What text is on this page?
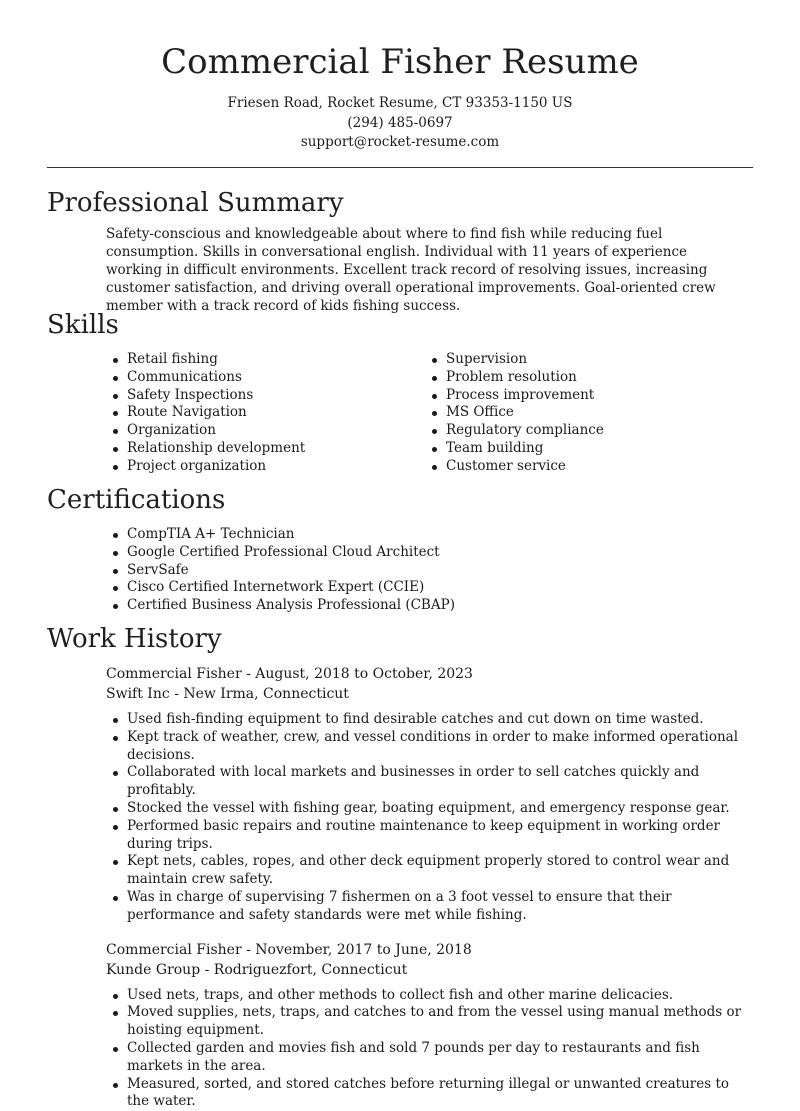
Commercial Fisher Resume
Friesen Road, Rocket Resume, CT 93353-1150 US
(294) 485-0697
support@rocket-resume.com
Professional Summary

Safety-conscious and knowledgeable about where to find fish while reducing fuel consumption. Skills in conversational english. Individual with 11 years of experience working in difficult environments. Excellent track record of resolving issues, increasing customer satisfaction, and driving overall operational improvements. Goal-oriented crew member with a track record of kids fishing success.

Skills
Retail fishing
Communications
Safety Inspections
Route Navigation
Organization
Relationship development
Project organization
Supervision
Problem resolution
Process improvement
MS Office
Regulatory compliance
Team building
Customer service
Certifications
CompTIA A+ Technician
Google Certified Professional Cloud Architect
ServSafe
Cisco Certified Internetwork Expert (CCIE)
Certified Business Analysis Professional (CBAP)
Work History
Commercial Fisher - August, 2018 to October, 2023
Swift Inc - New Irma, Connecticut
Used fish-finding equipment to find desirable catches and cut down on time wasted.
Kept track of weather, crew, and vessel conditions in order to make informed operational decisions.
Collaborated with local markets and businesses in order to sell catches quickly and profitably.
Stocked the vessel with fishing gear, boating equipment, and emergency response gear.
Performed basic repairs and routine maintenance to keep equipment in working order during trips.
Kept nets, cables, ropes, and other deck equipment properly stored to control wear and maintain crew safety.
Was in charge of supervising 7 fishermen on a 3 foot vessel to ensure that their performance and safety standards were met while fishing.
Commercial Fisher - November, 2017 to June, 2018
Kunde Group - Rodriguezfort, Connecticut
Used nets, traps, and other methods to collect fish and other marine delicacies.
Moved supplies, nets, traps, and catches to and from the vessel using manual methods or hoisting equipment.
Collected garden and movies fish and sold 7 pounds per day to restaurants and fish markets in the area.
Measured, sorted, and stored catches before returning illegal or unwanted creatures to the water.
